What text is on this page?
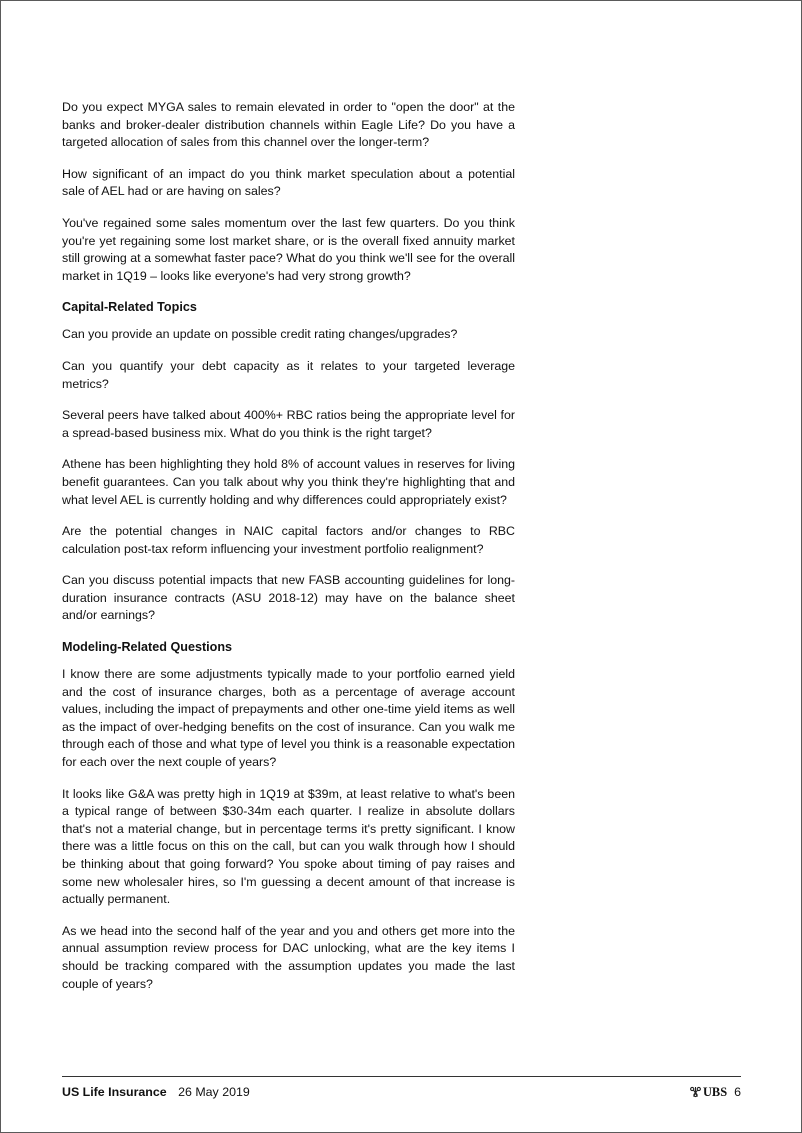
Do you expect MYGA sales to remain elevated in order to "open the door" at the banks and broker-dealer distribution channels within Eagle Life? Do you have a targeted allocation of sales from this channel over the longer-term?

How significant of an impact do you think market speculation about a potential sale of AEL had or are having on sales?

You've regained some sales momentum over the last few quarters. Do you think you're yet regaining some lost market share, or is the overall fixed annuity market still growing at a somewhat faster pace? What do you think we'll see for the overall market in 1Q19 – looks like everyone's had very strong growth?

Capital-Related Topics

Can you provide an update on possible credit rating changes/upgrades?

Can you quantify your debt capacity as it relates to your targeted leverage metrics?

Several peers have talked about 400%+ RBC ratios being the appropriate level for a spread-based business mix. What do you think is the right target?

Athene has been highlighting they hold 8% of account values in reserves for living benefit guarantees. Can you talk about why you think they're highlighting that and what level AEL is currently holding and why differences could appropriately exist?

Are the potential changes in NAIC capital factors and/or changes to RBC calculation post-tax reform influencing your investment portfolio realignment?

Can you discuss potential impacts that new FASB accounting guidelines for long-duration insurance contracts (ASU 2018-12) may have on the balance sheet and/or earnings?

Modeling-Related Questions

I know there are some adjustments typically made to your portfolio earned yield and the cost of insurance charges, both as a percentage of average account values, including the impact of prepayments and other one-time yield items as well as the impact of over-hedging benefits on the cost of insurance. Can you walk me through each of those and what type of level you think is a reasonable expectation for each over the next couple of years?

It looks like G&A was pretty high in 1Q19 at $39m, at least relative to what's been a typical range of between $30-34m each quarter. I realize in absolute dollars that's not a material change, but in percentage terms it's pretty significant. I know there was a little focus on this on the call, but can you walk through how I should be thinking about that going forward? You spoke about timing of pay raises and some new wholesaler hires, so I'm guessing a decent amount of that increase is actually permanent.

As we head into the second half of the year and you and others get more into the annual assumption review process for DAC unlocking, what are the key items I should be tracking compared with the assumption updates you made the last couple of years?

US Life Insurance 26 May 2019	UBS 6
